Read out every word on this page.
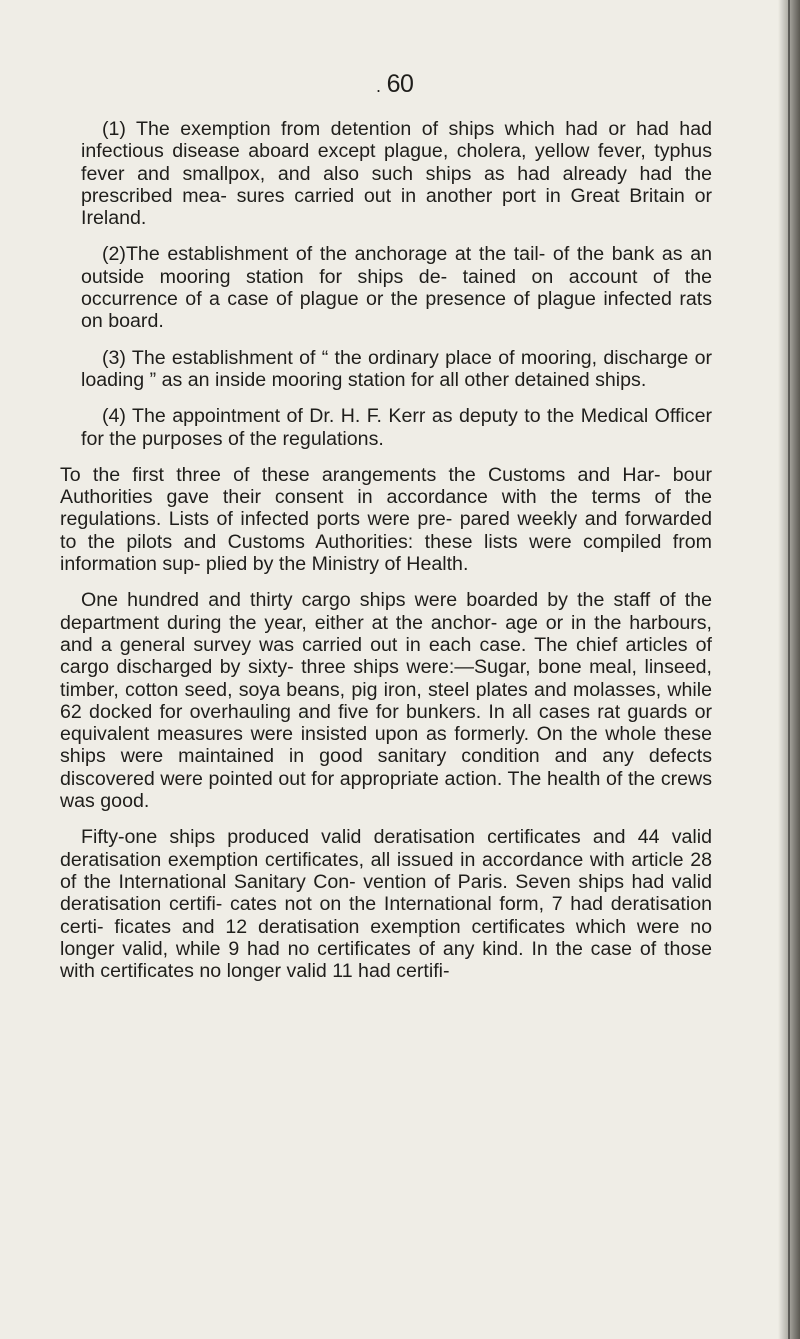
. 60

(1) The exemption from detention of ships which had or had had infectious disease aboard except plague, cholera, yellow fever, typhus fever and smallpox, and also such ships as had already had the prescribed mea- sures carried out in another port in Great Britain or Ireland.

(2)The establishment of the anchorage at the tail- of the bank as an outside mooring station for ships de- tained on account of the occurrence of a case of plague or the presence of plague infected rats on board.

(3) The establishment of “ the ordinary place of mooring, discharge or loading ” as an inside mooring station for all other detained ships.

(4) The appointment of Dr. H. F. Kerr as deputy to the Medical Officer for the purposes of the regulations.

To the first three of these arangements the Customs and Har- bour Authorities gave their consent in accordance with the terms of the regulations. Lists of infected ports were pre- pared weekly and forwarded to the pilots and Customs Authorities: these lists were compiled from information sup- plied by the Ministry of Health.

One hundred and thirty cargo ships were boarded by the staff of the department during the year, either at the anchor- age or in the harbours, and a general survey was carried out in each case. The chief articles of cargo discharged by sixty- three ships were:—Sugar, bone meal, linseed, timber, cotton seed, soya beans, pig iron, steel plates and molasses, while 62 docked for overhauling and five for bunkers. In all cases rat guards or equivalent measures were insisted upon as formerly. On the whole these ships were maintained in good sanitary condition and any defects discovered were pointed out for appropriate action. The health of the crews was good.

Fifty-one ships produced valid deratisation certificates and 44 valid deratisation exemption certificates, all issued in accordance with article 28 of the International Sanitary Con- vention of Paris. Seven ships had valid deratisation certifi- cates not on the International form, 7 had deratisation certi- ficates and 12 deratisation exemption certificates which were no longer valid, while 9 had no certificates of any kind. In the case of those with certificates no longer valid 11 had certifi-
